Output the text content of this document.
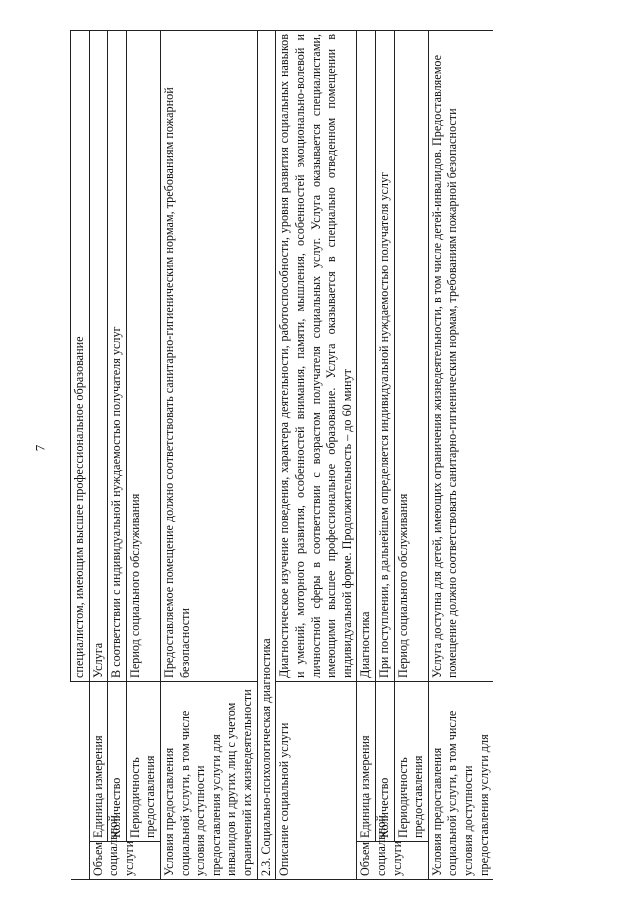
7
		специалистом, имеющим высшее профессиональное образование
Объем социальной услуги	Единица измерения	Услуга
	Количество	В соответствии с индивидуальной нуждаемостью получателя услуг
	Периодичность предоставления	Период социального обслуживания
Условия предоставления социальной услуги, в том числе условия доступности предоставления услуги для инвалидов и других лиц с учетом ограничений их жизнедеятельности		Предоставляемое помещение должно соответствовать санитарно-гигиеническим нормам, требованиям пожарной безопасности
2.3. Социально-психологическая диагностика		
Описание социальной услуги		Диагностическое изучение поведения, характера деятельности, работоспособности, уровня развития социальных навыков и умений, моторного развития, особенностей внимания, памяти, мышления, особенностей эмоционально-волевой и личностной сферы в соответствии с возрастом получателя социальных услуг. Услуга оказывается специалистами, имеющими высшее профессиональное образование. Услуга оказывается в специально отведенном помещении в индивидуальной форме. Продолжительность – до 60 минут
Объем социальной услуги	Единица измерения	Диагностика
	Количество	При поступлении, в дальнейшем определяется индивидуальной нуждаемостью получателя услуг
	Периодичность предоставления	Период социального обслуживания
Условия предоставления социальной услуги, в том числе условия доступности предоставления услуги для		Услуга доступна для детей, имеющих ограничения жизнедеятельности, в том числе детей-инвалидов. Предоставляемое помещение должно соответствовать санитарно-гигиеническим нормам, требованиям пожарной безопасности
